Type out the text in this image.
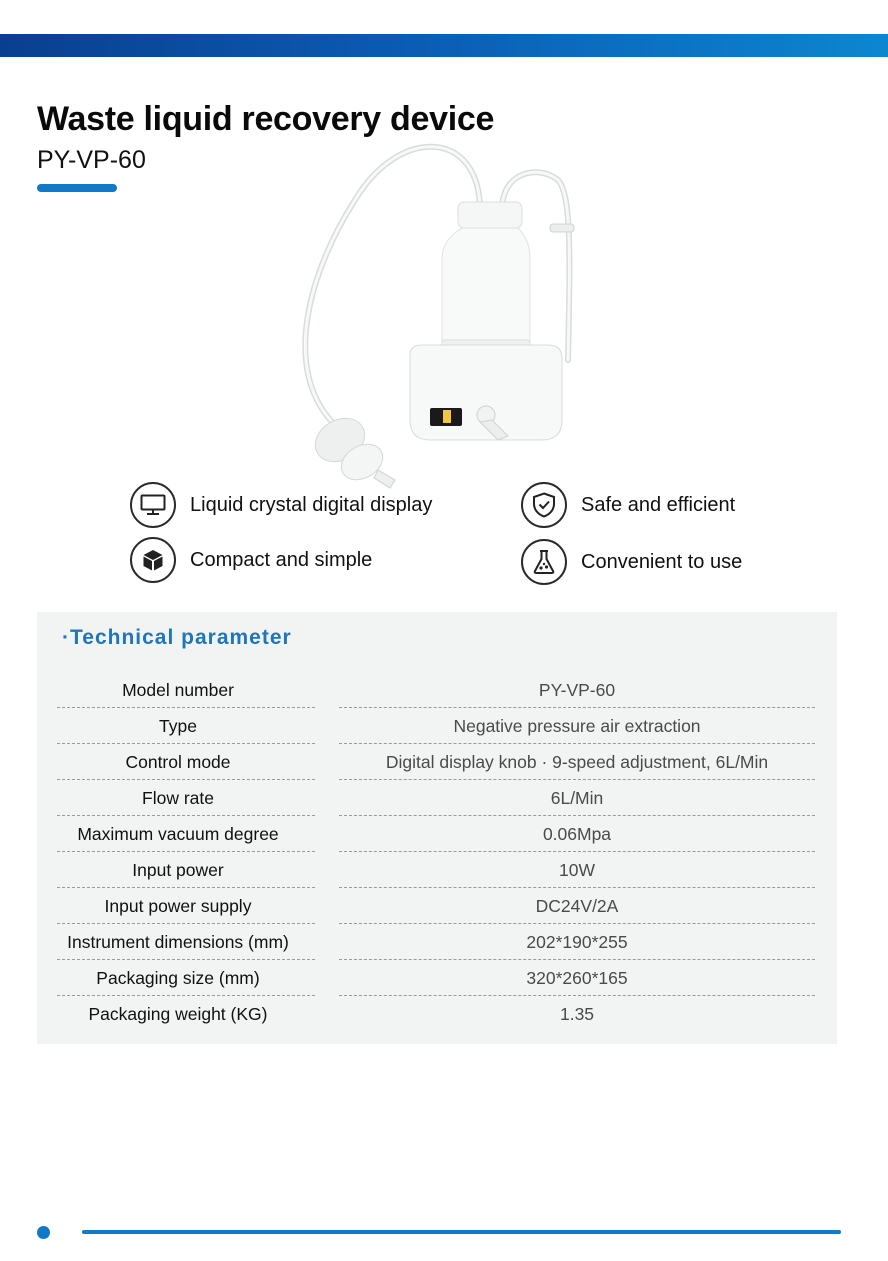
Waste liquid recovery device
PY-VP-60
Liquid crystal digital display	Safe and efficient
Compact and simple	Convenient to use
·Technical parameter
Model number	PY-VP-60
Type	Negative pressure air extraction
Control mode	Digital display knob · 9-speed adjustment, 6L/Min
Flow rate	6L/Min
Maximum vacuum degree	0.06Mpa
Input power	10W
Input power supply	DC24V/2A
Instrument dimensions (mm)	202*190*255
Packaging size (mm)	320*260*165
Packaging weight (KG)	1.35
